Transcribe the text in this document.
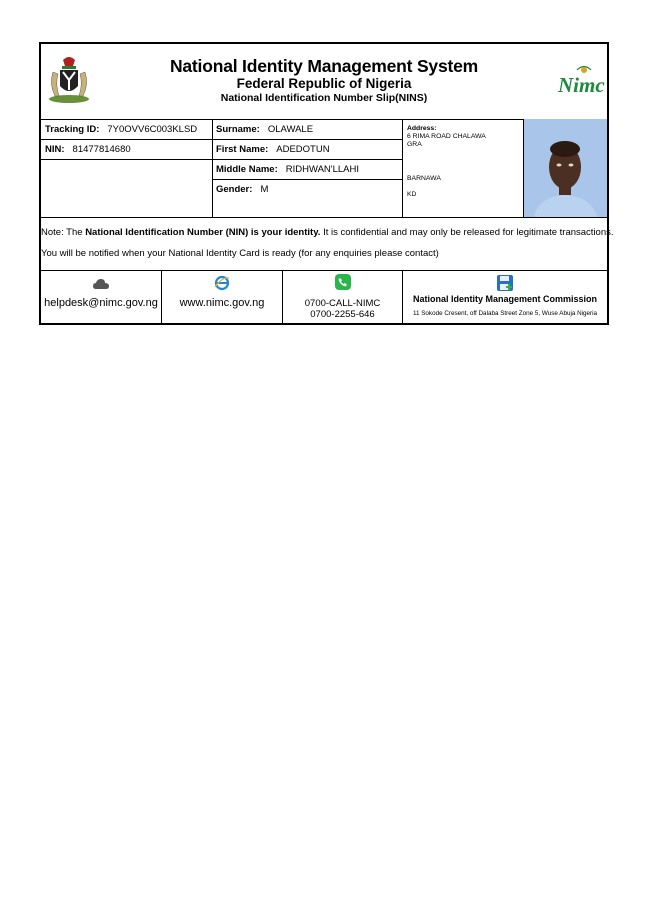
National Identity Management System
Federal Republic of Nigeria
National Identification Number Slip(NINS)
Nimc
Tracking ID: 7Y0OVV6C003KLSD
NIN: 81477814680
Surname: OLAWALE
First Name: ADEDOTUN
Middle Name: RIDHWAN'LLAHI
Gender: M
Address:
6 RIMA ROAD CHALAWA
GRA
BARNAWA
KD
Note: The National Identification Number (NIN) is your identity. It is confidential and may only be released for legitimate transactions.
You will be notified when your National Identity Card is ready (for any enquiries please contact)
helpdesk@nimc.gov.ng	www.nimc.gov.ng	0700-CALL-NIMC
0700-2255-646
National Identity Management Commission
11 Sokode Cresent, off Dalaba Street Zone 5, Wuse Abuja Nigeria
